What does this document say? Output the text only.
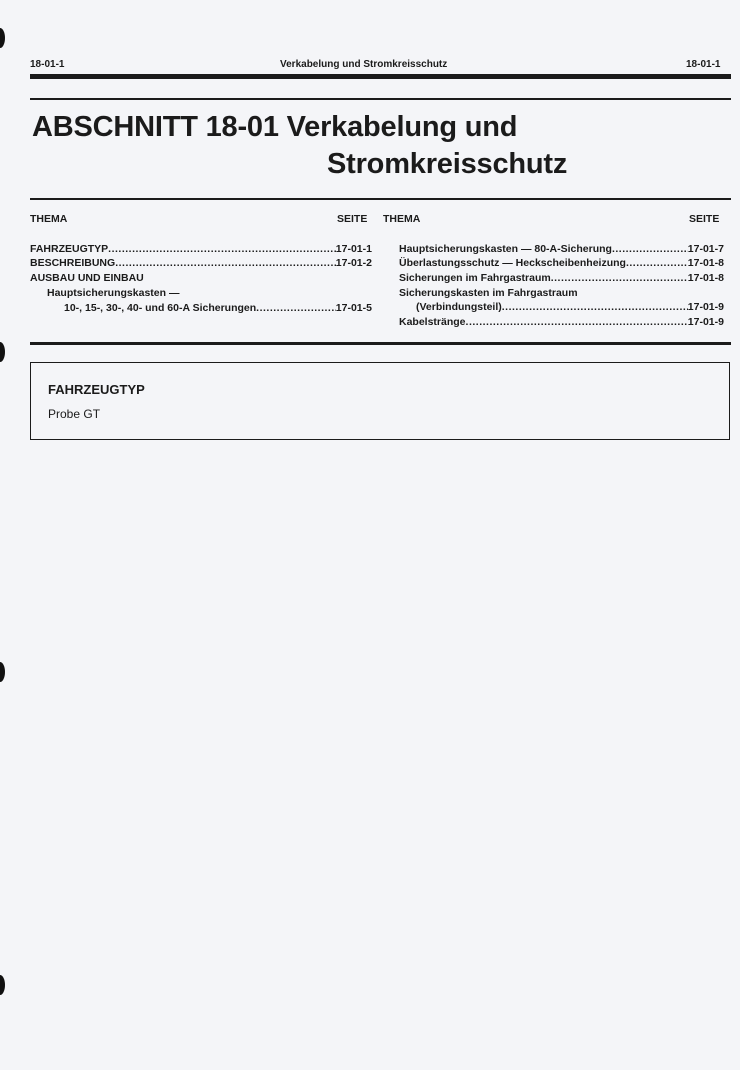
18-01-1	Verkabelung und Stromkreisschutz	18-01-1
ABSCHNITT 18-01 Verkabelung und
Stromkreisschutz
THEMA	SEITE THEMA	SEITE
FAHRZEUGTYP .....	17-01-1
BESCHREIBUNG .....	17-01-2
AUSBAU UND EINBAU
Hauptsicherungskasten —
10-, 15-, 30-, 40- und 60-A Sicherungen .....	17-01-5
Hauptsicherungskasten — 80-A-Sicherung .....	17-01-7
Überlastungsschutz — Heckscheibenheizung .....	17-01-8
Sicherungen im Fahrgastraum .....	17-01-8
Sicherungskasten im Fahrgastraum
(Verbindungsteil) .....	17-01-9
Kabelstränge .....	17-01-9
FAHRZEUGTYP
Probe GT
